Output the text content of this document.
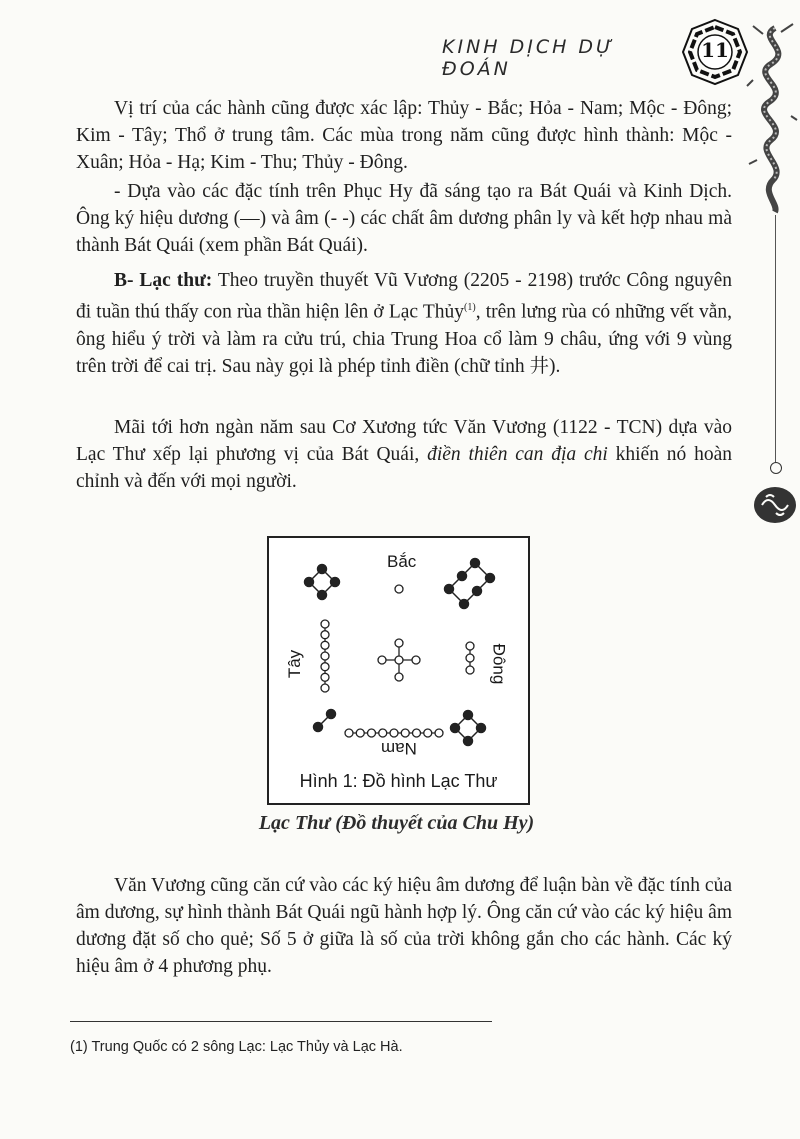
KINH DỊCH DỰ ĐOÁN
11

Vị trí của các hành cũng được xác lập: Thủy - Bắc; Hỏa - Nam; Mộc - Đông; Kim - Tây; Thổ ở trung tâm. Các mùa trong năm cũng được hình thành: Mộc - Xuân; Hỏa - Hạ; Kim - Thu; Thủy - Đông.

- Dựa vào các đặc tính trên Phục Hy đã sáng tạo ra Bát Quái và Kinh Dịch. Ông ký hiệu dương (—) và âm (- -) các chất âm dương phân ly và kết hợp nhau mà thành Bát Quái (xem phần Bát Quái).

B- Lạc thư: Theo truyền thuyết Vũ Vương (2205 - 2198) trước Công nguyên đi tuần thú thấy con rùa thần hiện lên ở Lạc Thủy$^{(1)}$, trên lưng rùa có những vết vằn, ông hiểu ý trời và làm ra cửu trú, chia Trung Hoa cổ làm 9 châu, ứng với 9 vùng trên trời để cai trị. Sau này gọi là phép tỉnh điền (chữ tỉnh 井).

Mãi tới hơn ngàn năm sau Cơ Xương tức Văn Vương (1122 - TCN) dựa vào Lạc Thư xếp lại phương vị của Bát Quái, điền thiên can địa chi khiến nó hoàn chỉnh và đến với mọi người.

Bắc
Tây	Đông
Nam
Hình 1: Đồ hình Lạc Thư
Lạc Thư (Đồ thuyết của Chu Hy)

Văn Vương cũng căn cứ vào các ký hiệu âm dương để luận bàn về đặc tính của âm dương, sự hình thành Bát Quái ngũ hành hợp lý. Ông căn cứ vào các ký hiệu âm dương đặt số cho quẻ; Số 5 ở giữa là số của trời không gắn cho các hành. Các ký hiệu âm ở 4 phương phụ.

(1) Trung Quốc có 2 sông Lạc: Lạc Thủy và Lạc Hà.
